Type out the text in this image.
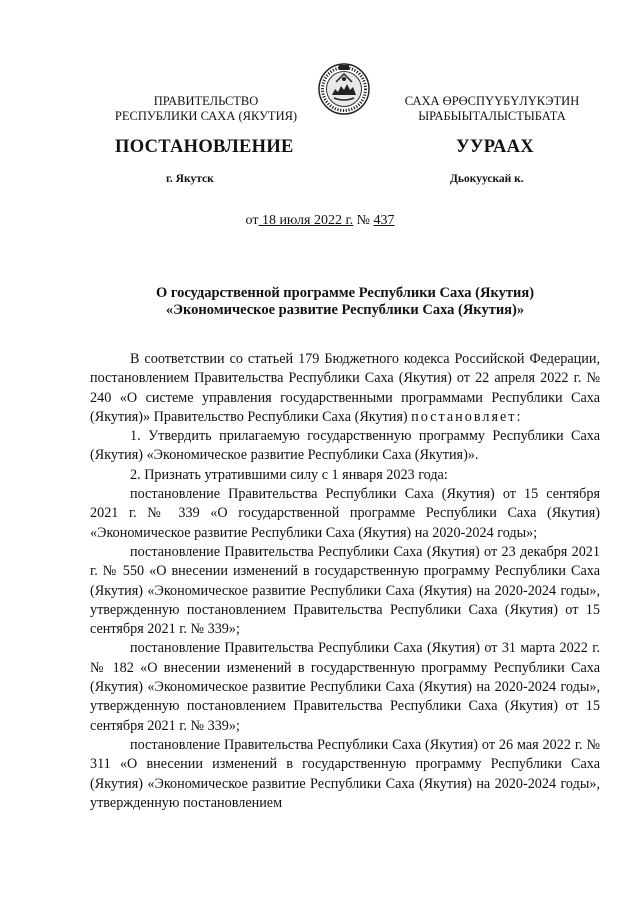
ПРАВИТЕЛЬСТВО
РЕСПУБЛИКИ САХА (ЯКУТИЯ)
САХА ӨРӨСПҮҮБҮЛҮКЭТИН
ЫРАБЫЫТАЛЫСТЫБАТА
ПОСТАНОВЛЕНИЕ	УУРААХ
г. Якутск	Дьокуускай к.
от 18 июля 2022 г. № 437
О государственной программе Республики Саха (Якутия)
«Экономическое развитие Республики Саха (Якутия)»

В соответствии со статьей 179 Бюджетного кодекса Российской Федерации, постановлением Правительства Республики Саха (Якутия) от 22 апреля 2022 г. № 240 «О системе управления государственными программами Республики Саха (Якутия)» Правительство Республики Саха (Якутия) постановляет:

1. Утвердить прилагаемую государственную программу Республики Саха (Якутия) «Экономическое развитие Республики Саха (Якутия)».

2. Признать утратившими силу с 1 января 2023 года:

постановление Правительства Республики Саха (Якутия) от 15 сентября 2021 г. № 339 «О государственной программе Республики Саха (Якутия) «Экономическое развитие Республики Саха (Якутия) на 2020-2024 годы»;

постановление Правительства Республики Саха (Якутия) от 23 декабря 2021 г. № 550 «О внесении изменений в государственную программу Республики Саха (Якутия) «Экономическое развитие Республики Саха (Якутия) на 2020-2024 годы», утвержденную постановлением Правительства Республики Саха (Якутия) от 15 сентября 2021 г. № 339»;

постановление Правительства Республики Саха (Якутия) от 31 марта 2022 г. № 182 «О внесении изменений в государственную программу Республики Саха (Якутия) «Экономическое развитие Республики Саха (Якутия) на 2020-2024 годы», утвержденную постановлением Правительства Республики Саха (Якутия) от 15 сентября 2021 г. № 339»;

постановление Правительства Республики Саха (Якутия) от 26 мая 2022 г. № 311 «О внесении изменений в государственную программу Республики Саха (Якутия) «Экономическое развитие Республики Саха (Якутия) на 2020-2024 годы», утвержденную постановлением
